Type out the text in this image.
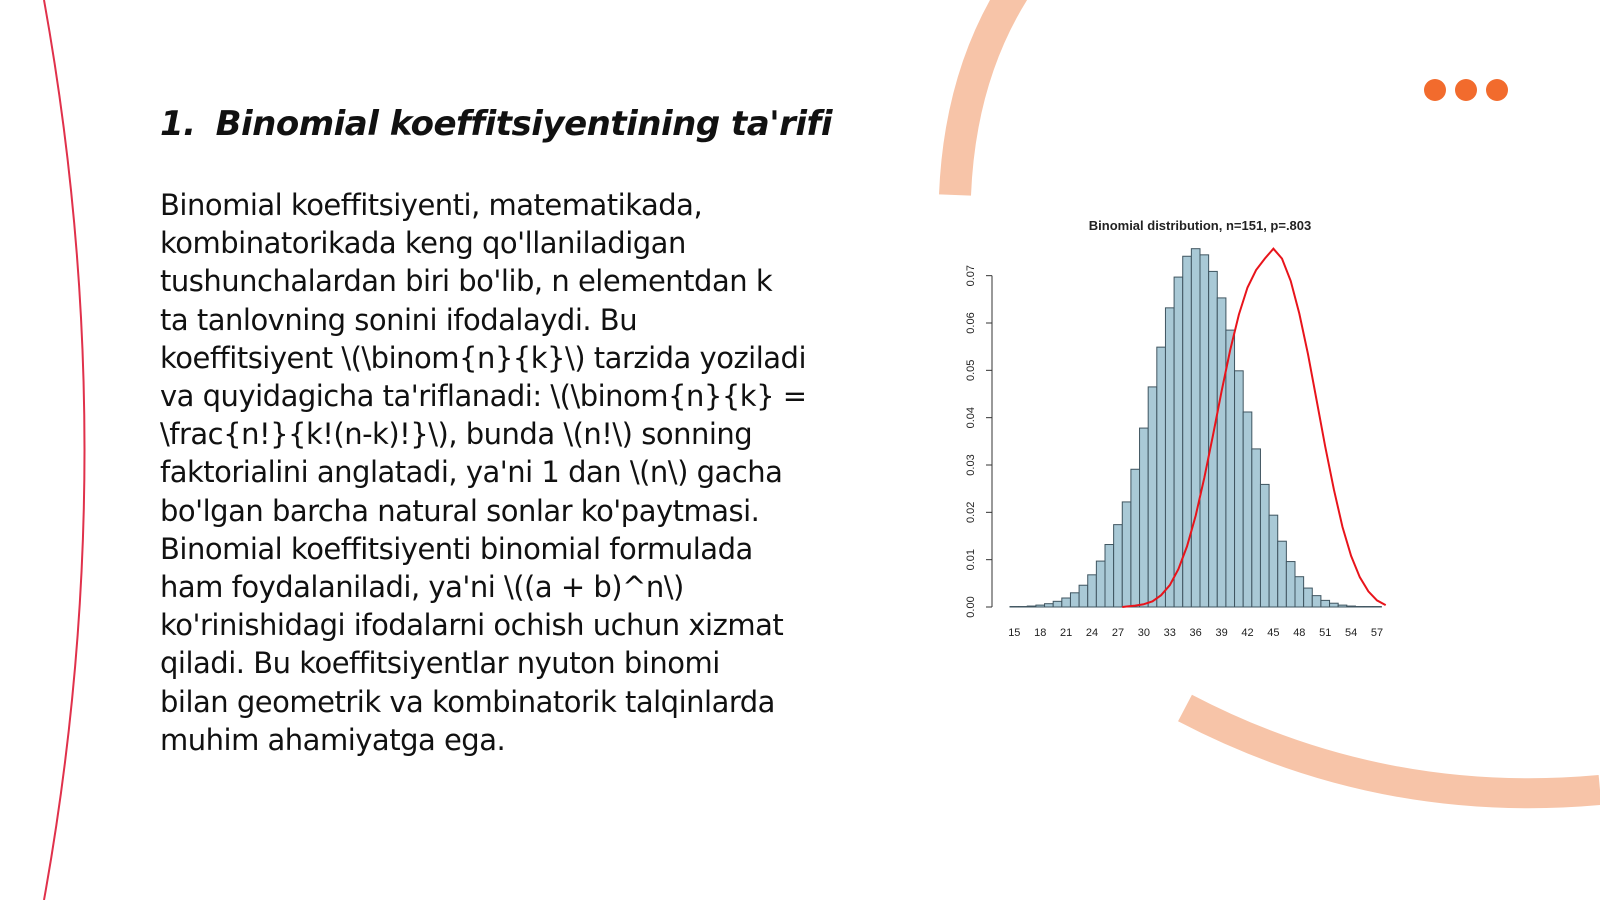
1. Binomial koeffitsiyentining ta'rifi
Binomial koeffitsiyenti, matematikada,
kombinatorikada keng qo'llaniladigan
tushunchalardan biri bo'lib, n elementdan k
ta tanlovning sonini ifodalaydi. Bu
koeffitsiyent \(\binom{n}{k}\) tarzida yoziladi
va quyidagicha ta'riflanadi: \(\binom{n}{k} =
\frac{n!}{k!(n-k)!}\), bunda \(n!\) sonning
faktorialini anglatadi, ya'ni 1 dan \(n\) gacha
bo'lgan barcha natural sonlar ko'paytmasi.
Binomial koeffitsiyenti binomial formulada
ham foydalaniladi, ya'ni \((a + b)^n\)
ko'rinishidagi ifodalarni ochish uchun xizmat
qiladi. Bu koeffitsiyentlar nyuton binomi
bilan geometrik va kombinatorik talqinlarda
muhim ahamiyatga ega.
Binomial distribution, n=151, p=.803
0.00
0.01
0.02
0.03
0.04
0.05
0.06
0.07
15 18 21 24 27 30 33 36 39 42 45 48 51 54 57
